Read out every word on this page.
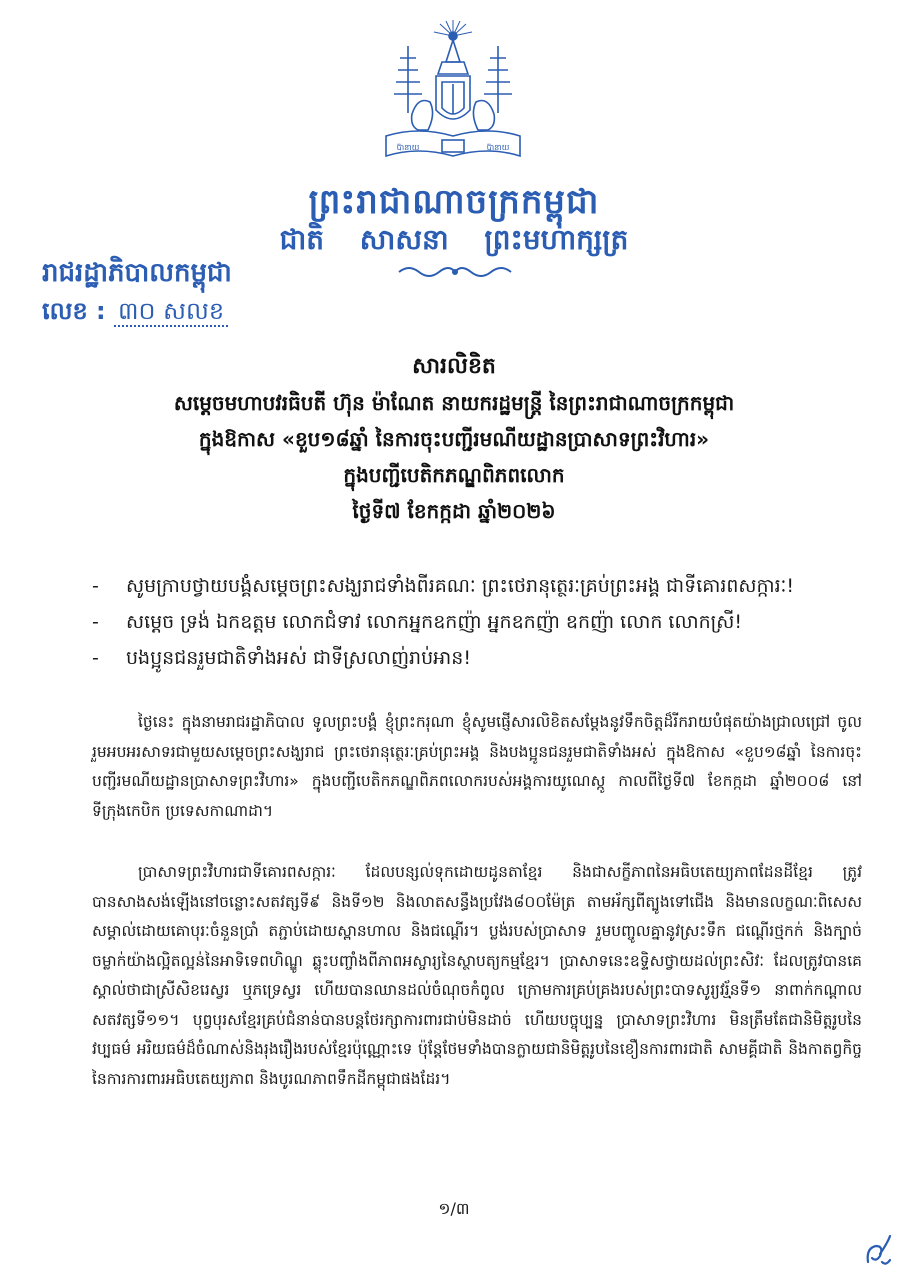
ប៊ានាយ	ប៊ានាយ
ព្រះរាជាណាចក្រកម្ពុជា
ជាតិ សាសនា ព្រះមហាក្សត្រ
រាជរដ្ឋាភិបាលកម្ពុជា
លេខ : ៣០ សលខ
សារលិខិត
សម្ដេចមហាបវរធិបតី ហ៊ុន ម៉ាណែត នាយករដ្ឋមន្ត្រី នៃព្រះរាជាណាចក្រកម្ពុជា
ក្នុងឱកាស «ខួប១៨ឆ្នាំ នៃការចុះបញ្ជីរមណីយដ្ឋានប្រាសាទព្រះវិហារ»
ក្នុងបញ្ជីបេតិកភណ្ឌពិភពលោក
ថ្ងៃទី៧ ខែកក្កដា ឆ្នាំ២០២៦
- សូមក្រាបថ្វាយបង្គំសម្ដេចព្រះសង្ឃរាជទាំងពីរគណៈ ព្រះថេរានុត្ថេរៈគ្រប់ព្រះអង្គ ជាទីគោរពសក្ការៈ!
- សម្ដេច ទ្រង់ ឯកឧត្តម លោកជំទាវ លោកអ្នកឧកញ៉ា អ្នកឧកញ៉ា ឧកញ៉ា លោក លោកស្រី!
- បងប្អូនជនរួមជាតិទាំងអស់ ជាទីស្រលាញ់រាប់អាន!

ថ្ងៃនេះ ក្នុងនាមរាជរដ្ឋាភិបាល ទូលព្រះបង្គំ ខ្ញុំព្រះករុណា ខ្ញុំសូមផ្ញើសារលិខិតសម្ដែងនូវទឹកចិត្តដ៏រីករាយបំផុតយ៉ាងជ្រាលជ្រៅ ចូលរួមអបអរសាទរជាមួយសម្ដេចព្រះសង្ឃរាជ ព្រះថេរានុត្ថេរៈគ្រប់ព្រះអង្គ និងបងប្អូនជនរួមជាតិទាំងអស់ ក្នុងឱកាស «ខួប១៨ឆ្នាំ នៃការចុះបញ្ជីរមណីយដ្ឋានប្រាសាទព្រះវិហារ» ក្នុងបញ្ជីបេតិកភណ្ឌពិភពលោករបស់អង្គការយូណេស្កូ កាលពីថ្ងៃទី៧ ខែកក្កដា ឆ្នាំ២០០៨ នៅទីក្រុងកេបិក ប្រទេសកាណាដា។

ប្រាសាទព្រះវិហារជាទីគោរពសក្ការៈ ដែលបន្សល់ទុកដោយដូនតាខ្មែរ និងជាសក្ខីភាពនៃអធិបតេយ្យភាពដែនដីខ្មែរ ត្រូវបានសាងសង់ឡើងនៅចន្លោះសតវត្សទី៩ និងទី១២ និងលាតសន្ធឹងប្រវែង៨០០ម៉ែត្រ តាមអ័ក្សពីត្បូងទៅជើង និងមានលក្ខណៈពិសេសសម្គាល់ដោយគោបុរៈចំនួនប្រាំ តភ្ជាប់ដោយស្ពានហាល និងជណ្ដើរ។ ប្លង់របស់ប្រាសាទ រួមបញ្ចូលគ្នានូវស្រះទឹក ជណ្ដើរថ្មកក់ និងក្បាច់ចម្លាក់យ៉ាងល្អិតល្អន់នៃអាទិទេពហិណ្ឌូ ឆ្លុះបញ្ចាំងពីភាពអស្ចារ្យនៃស្ថាបត្យកម្មខ្មែរ។ ប្រាសាទនេះឧទ្ទិសថ្វាយដល់ព្រះសិវៈ ដែលត្រូវបានគេស្គាល់ថាជាស្រីសិខរេស្វរ ឬភទ្រេស្វរ ហើយបានឈានដល់ចំណុចកំពូល ក្រោមការគ្រប់គ្រងរបស់ព្រះបាទសូរ្យវរ្ម័នទី១ នាពាក់កណ្ដាលសតវត្សទី១១។ បុព្វបុរសខ្មែរគ្រប់ជំនាន់បានបន្តថែរក្សាការពារជាប់មិនដាច់ ហើយបច្ចុប្បន្ន ប្រាសាទព្រះវិហារ មិនត្រឹមតែជានិមិត្តរូបនៃវប្បធម៌ អរិយធម៌ដ៏ចំណាស់និងរុងរឿងរបស់ខ្មែរប៉ុណ្ណោះទេ ប៉ុន្តែថែមទាំងបានក្លាយជានិមិត្តរូបនៃខឿនការពារជាតិ សាមគ្គីជាតិ និងកាតព្វកិច្ចនៃការការពារអធិបតេយ្យភាព និងបូរណភាពទឹកដីកម្ពុជាផងដែរ។

១/៣
